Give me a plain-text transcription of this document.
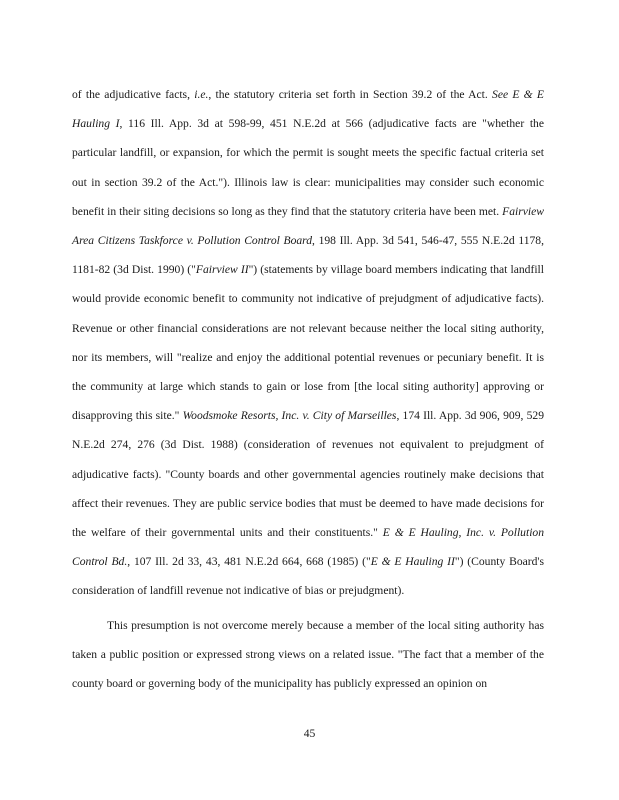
of the adjudicative facts, i.e., the statutory criteria set forth in Section 39.2 of the Act. See E & E Hauling I, 116 Ill. App. 3d at 598-99, 451 N.E.2d at 566 (adjudicative facts are "whether the particular landfill, or expansion, for which the permit is sought meets the specific factual criteria set out in section 39.2 of the Act."). Illinois law is clear: municipalities may consider such economic benefit in their siting decisions so long as they find that the statutory criteria have been met. Fairview Area Citizens Taskforce v. Pollution Control Board, 198 Ill. App. 3d 541, 546-47, 555 N.E.2d 1178, 1181-82 (3d Dist. 1990) ("Fairview II") (statements by village board members indicating that landfill would provide economic benefit to community not indicative of prejudgment of adjudicative facts). Revenue or other financial considerations are not relevant because neither the local siting authority, nor its members, will "realize and enjoy the additional potential revenues or pecuniary benefit. It is the community at large which stands to gain or lose from [the local siting authority] approving or disapproving this site." Woodsmoke Resorts, Inc. v. City of Marseilles, 174 Ill. App. 3d 906, 909, 529 N.E.2d 274, 276 (3d Dist. 1988) (consideration of revenues not equivalent to prejudgment of adjudicative facts). "County boards and other governmental agencies routinely make decisions that affect their revenues. They are public service bodies that must be deemed to have made decisions for the welfare of their governmental units and their constituents." E & E Hauling, Inc. v. Pollution Control Bd., 107 Ill. 2d 33, 43, 481 N.E.2d 664, 668 (1985) ("E & E Hauling II") (County Board's consideration of landfill revenue not indicative of bias or prejudgment).

This presumption is not overcome merely because a member of the local siting authority has taken a public position or expressed strong views on a related issue. "The fact that a member of the county board or governing body of the municipality has publicly expressed an opinion on

45
